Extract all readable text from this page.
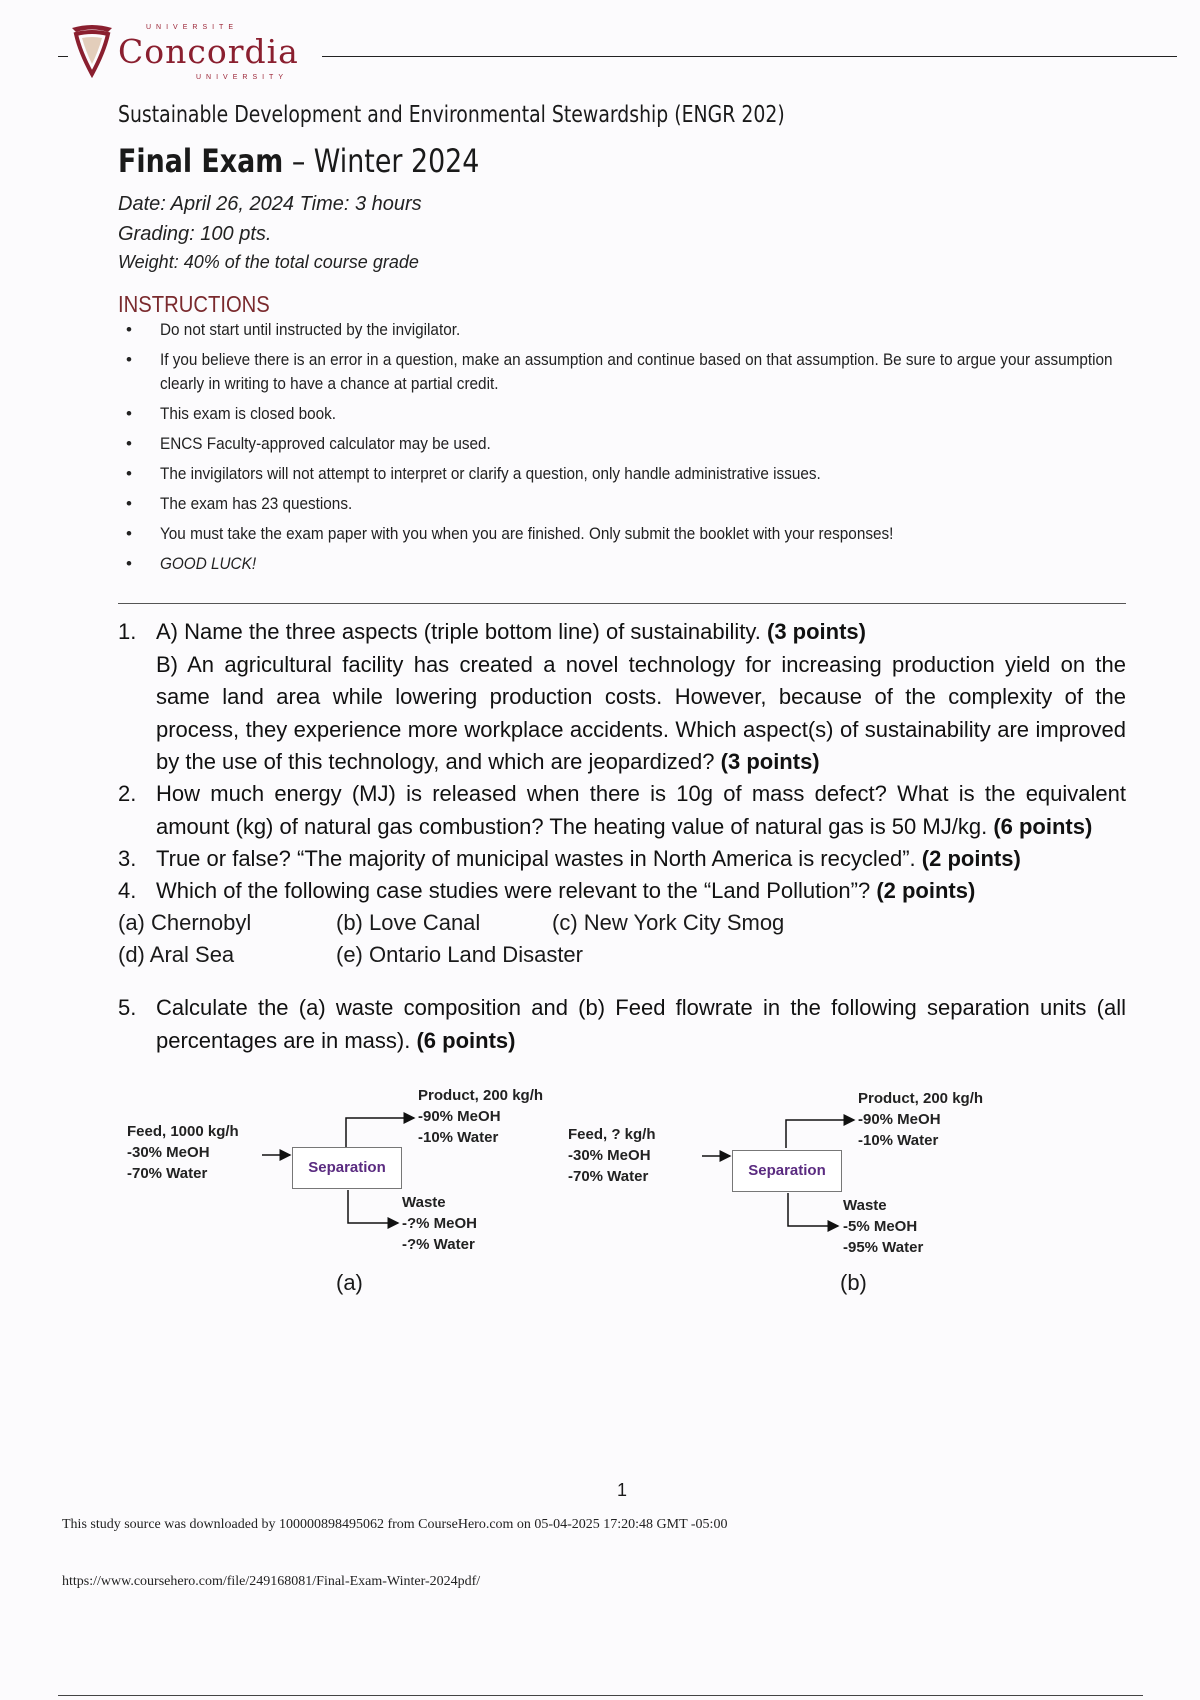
UNIVERSITE
Concordia
UNIVERSITY
Sustainable Development and Environmental Stewardship (ENGR 202)
Final Exam – Winter 2024
Date: April 26, 2024 Time: 3 hours
Grading: 100 pts.
Weight: 40% of the total course grade
INSTRUCTIONS
• Do not start until instructed by the invigilator.
• If you believe there is an error in a question, make an assumption and continue based on that assumption. Be sure to argue your assumption clearly in writing to have a chance at partial credit.
• This exam is closed book.
• ENCS Faculty-approved calculator may be used.
• The invigilators will not attempt to interpret or clarify a question, only handle administrative issues.
• The exam has 23 questions.
• You must take the exam paper with you when you are finished. Only submit the booklet with your responses!
• GOOD LUCK!
1. A) Name the three aspects (triple bottom line) of sustainability. (3 points)
B) An agricultural facility has created a novel technology for increasing production yield on the same land area while lowering production costs. However, because of the complexity of the process, they experience more workplace accidents. Which aspect(s) of sustainability are improved by the use of this technology, and which are jeopardized? (3 points)
2. How much energy (MJ) is released when there is 10g of mass defect? What is the equivalent amount (kg) of natural gas combustion? The heating value of natural gas is 50 MJ/kg. (6 points)
3. True or false? “The majority of municipal wastes in North America is recycled”. (2 points)
4. Which of the following case studies were relevant to the “Land Pollution”? (2 points)
(a) Chernobyl	(b) Love Canal	(c) New York City Smog
(d) Aral Sea	(e) Ontario Land Disaster
5. Calculate the (a) waste composition and (b) Feed flowrate in the following separation units (all percentages are in mass). (6 points)
Feed, 1000 kg/h
-30% MeOH
-70% Water	Separation
Product, 200 kg/h
-90% MeOH
-10% Water
Waste
-?% MeOH
-?% Water
(a)
Feed, ? kg/h
-30% MeOH
-70% Water	Separation
Product, 200 kg/h
-90% MeOH
-10% Water
Waste
-5% MeOH
-95% Water
(b)
1
This study source was downloaded by 100000898495062 from CourseHero.com on 05-04-2025 17:20:48 GMT -05:00
https://www.coursehero.com/file/249168081/Final-Exam-Winter-2024pdf/
